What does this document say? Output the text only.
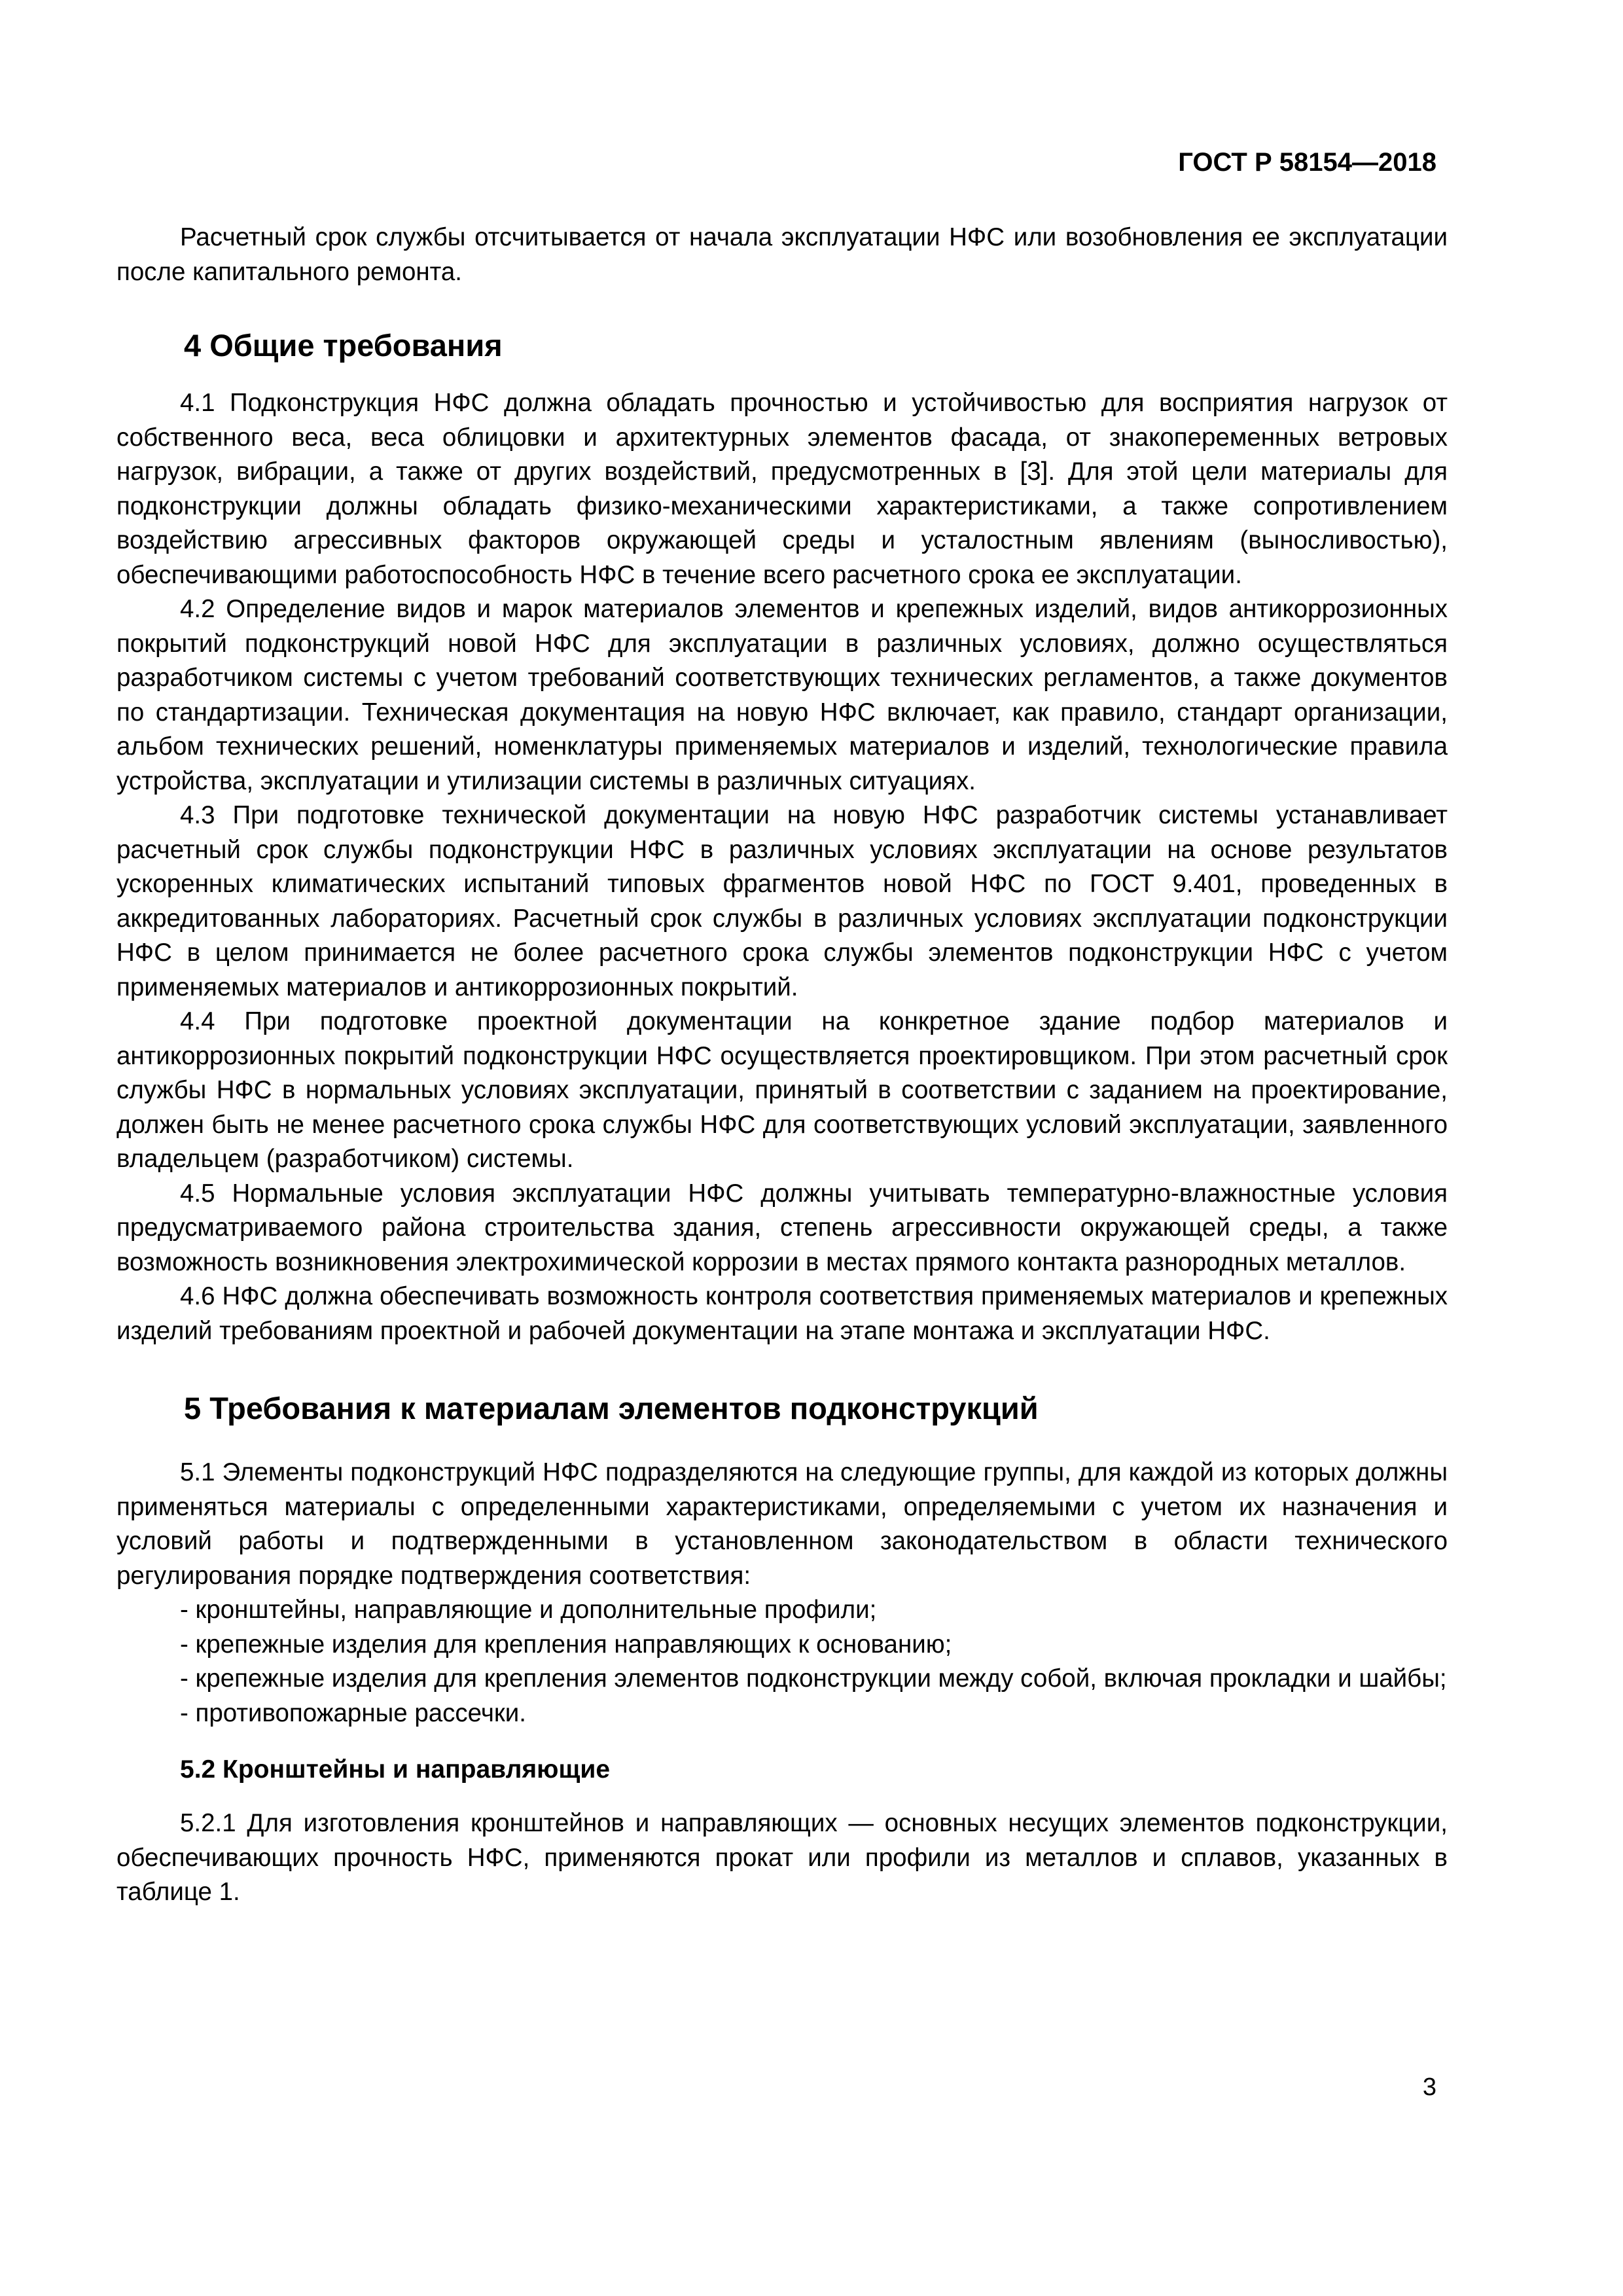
ГОСТ Р 58154—2018

Расчетный срок службы отсчитывается от начала эксплуатации НФС или возобновления ее эксплуатации после капитального ремонта.

4 Общие требования

4.1 Подконструкция НФС должна обладать прочностью и устойчивостью для восприятия нагрузок от собственного веса, веса облицовки и архитектурных элементов фасада, от знакопеременных ветровых нагрузок, вибрации, а также от других воздействий, предусмотренных в [3]. Для этой цели материалы для подконструкции должны обладать физико-механическими характеристиками, а также сопротивлением воздействию агрессивных факторов окружающей среды и усталостным явлениям (выносливостью), обеспечивающими работоспособность НФС в течение всего расчетного срока ее эксплуатации.

4.2 Определение видов и марок материалов элементов и крепежных изделий, видов антикоррозионных покрытий подконструкций новой НФС для эксплуатации в различных условиях, должно осуществляться разработчиком системы с учетом требований соответствующих технических регламентов, а также документов по стандартизации. Техническая документация на новую НФС включает, как правило, стандарт организации, альбом технических решений, номенклатуры применяемых материалов и изделий, технологические правила устройства, эксплуатации и утилизации системы в различных ситуациях.

4.3 При подготовке технической документации на новую НФС разработчик системы устанавливает расчетный срок службы подконструкции НФС в различных условиях эксплуатации на основе результатов ускоренных климатических испытаний типовых фрагментов новой НФС по ГОСТ 9.401, проведенных в аккредитованных лабораториях. Расчетный срок службы в различных условиях эксплуатации подконструкции НФС в целом принимается не более расчетного срока службы элементов подконструкции НФС с учетом применяемых материалов и антикоррозионных покрытий.

4.4 При подготовке проектной документации на конкретное здание подбор материалов и антикоррозионных покрытий подконструкции НФС осуществляется проектировщиком. При этом расчетный срок службы НФС в нормальных условиях эксплуатации, принятый в соответствии с заданием на проектирование, должен быть не менее расчетного срока службы НФС для соответствующих условий эксплуатации, заявленного владельцем (разработчиком) системы.

4.5 Нормальные условия эксплуатации НФС должны учитывать температурно-влажностные условия предусматриваемого района строительства здания, степень агрессивности окружающей среды, а также возможность возникновения электрохимической коррозии в местах прямого контакта разнородных металлов.

4.6 НФС должна обеспечивать возможность контроля соответствия применяемых материалов и крепежных изделий требованиям проектной и рабочей документации на этапе монтажа и эксплуатации НФС.

5 Требования к материалам элементов подконструкций

5.1 Элементы подконструкций НФС подразделяются на следующие группы, для каждой из которых должны применяться материалы с определенными характеристиками, определяемыми с учетом их назначения и условий работы и подтвержденными в установленном законодательством в области технического регулирования порядке подтверждения соответствия:

- кронштейны, направляющие и дополнительные профили;

- крепежные изделия для крепления направляющих к основанию;

- крепежные изделия для крепления элементов подконструкции между собой, включая прокладки и шайбы;

- противопожарные рассечки.

5.2 Кронштейны и направляющие

5.2.1 Для изготовления кронштейнов и направляющих — основных несущих элементов подконструкции, обеспечивающих прочность НФС, применяются прокат или профили из металлов и сплавов, указанных в таблице 1.

3
